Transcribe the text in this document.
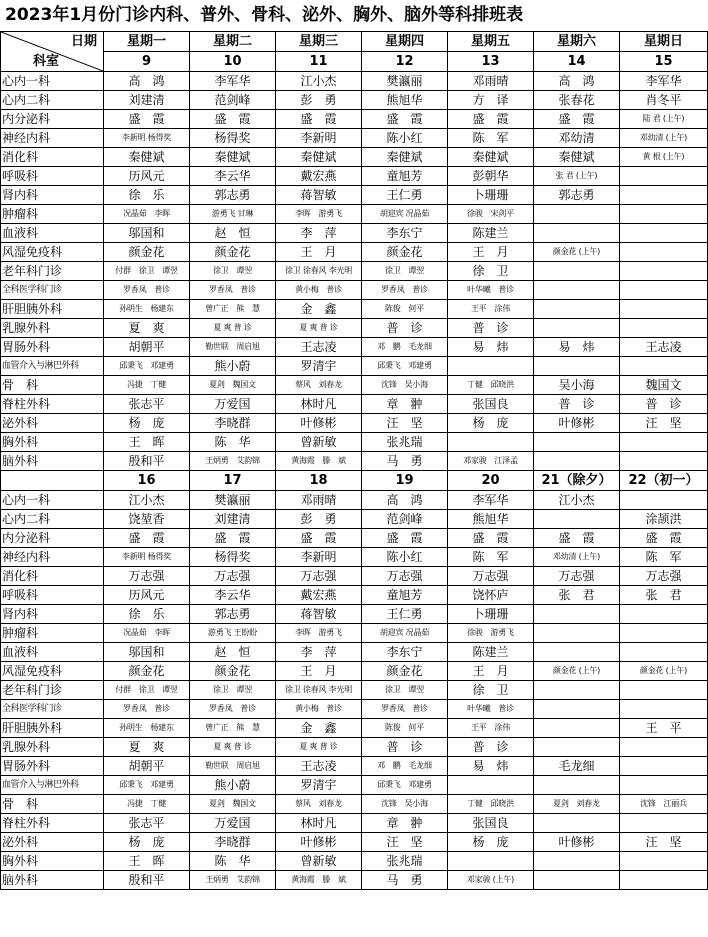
2023年1月份门诊内科、普外、骨科、泌外、胸外、脑外等科排班表
日期
科室	星期一	星期二	星期三	星期四	星期五	星期六	星期日
	9	10	11	12	13	14	15
心内一科	高　鸿	李军华	江小杰	樊瀛丽	邓雨晴	高　鸿	李军华
心内二科	刘建清	范剑峰	彭　勇	熊旭华	方　译	张春花	肖冬平
内分泌科	盛　霞	盛　霞	盛　霞	盛　霞	盛　霞	盛　霞	陆 君 (上午)
神经内科	李新明 杨得奖	杨得奖	李新明	陈小红	陈　军	邓幼清	邓幼清 (上午)
消化科	秦健斌	秦健斌	秦健斌	秦健斌	秦健斌	秦健斌	黄 根 (上午)
呼吸科	历风元	李云华	戴宏燕	童旭芳	彭朝华	张 君 (上午)	
肾内科	徐　乐	郭志勇	蒋智敏	王仁勇	卜珊珊	郭志勇	
肿瘤科	况晶茹　李晖	游勇飞 甘琳	李晖　游勇飞	胡迎宾 况晶茹	徐骏　宋剑平		
血液科	邬国和	赵　恒	李　萍	李东宁	陈建兰		
风湿免疫科	颜金花	颜金花	王　月	颜金花	王　月	颜金花 (上午)	
老年科门诊	付群　徐卫　谭翌	徐卫　谭翌	徐卫 徐春风 李光明	徐卫　谭翌	徐　卫		
全科医学科门诊	罗香凤　普诊	罗香凤　普诊	黄小梅　普诊	罗香凤　普诊	叶华曦　普诊		
肝胆胰外科	孙明生　杨建东	曾广正　熊　慧	金　鑫	陈俊　何平	王平　涂伟		
乳腺外科	夏　爽	夏 爽 普 诊	夏 爽 普 诊	普　诊	普　诊		
胃肠外科	胡朝平	勒世联　周启旭	王志凌	邓　鹏　毛龙细	易　炜	易　炜	王志凌
血管介入与淋巴外科	邱秉飞　邓建勇	熊小蔚	罗清宇	邱秉飞　邓建勇			
骨　科	冯捷　丁健	夏剑　魏国文	蔡风　刘春龙	沈锋　吴小海	丁健　邱晓洪	吴小海	魏国文
脊柱外科	张志平	万爱国	林时凡	章　翀	张国良	普　诊	普　诊
泌外科	杨　庞	李晓群	叶修彬	汪　坚	杨　庞	叶修彬	汪　坚
胸外科	王　晖	陈　华	曾新敏	张兆瑞			
脑外科	殷和平	王炳勇　艾韵锦	黄海霞　滕　斌	马　勇	邓家骏　江泽孟		
	16	17	18	19	20	21（除夕）	22（初一）
心内一科	江小杰	樊瀛丽	邓雨晴	高　鸿	李军华	江小杰	
心内二科	饶堃香	刘建清	彭　勇	范剑峰	熊旭华		涂颉洪
内分泌科	盛　霞	盛　霞	盛　霞	盛　霞	盛　霞	盛　霞	盛　霞
神经内科	李新明 杨得奖	杨得奖	李新明	陈小红	陈　军	邓幼清 (上午)	陈　军
消化科	万志强	万志强	万志强	万志强	万志强	万志强	万志强
呼吸科	历风元	李云华	戴宏燕	童旭芳	饶怀庐	张　君	张　君
肾内科	徐　乐	郭志勇	蒋智敏	王仁勇	卜珊珊		
肿瘤科	况晶茹　李晖	游勇飞 王盼盼	李晖　游勇飞	胡迎宾 况晶茹	徐骏　游勇飞		
血液科	邬国和	赵　恒	李　萍	李东宁	陈建兰		
风湿免疫科	颜金花	颜金花	王　月	颜金花	王　月	颜金花 (上午)	颜金花 (上午)
老年科门诊	付群　徐卫　谭翌	徐卫　谭翌	徐卫 徐春风 李光明	徐卫　谭翌	徐　卫		
全科医学科门诊	罗香凤　普诊	罗香凤　普诊	黄小梅　普诊	罗香凤　普诊	叶华曦　普诊		
肝胆胰外科	孙明生　杨建东	曾广正　熊　慧	金　鑫	陈俊　何平	王平　涂伟		王　平
乳腺外科	夏　爽	夏 爽 普 诊	夏 爽 普 诊	普　诊	普　诊		
胃肠外科	胡朝平	勒世联　周启旭	王志凌	邓　鹏　毛龙细	易　炜	毛龙细	
血管介入与淋巴外科	邱秉飞　邓建勇	熊小蔚	罗清宇	邱秉飞　邓建勇			
骨　科	冯捷　丁健	夏剑　魏国文	蔡风　刘春龙	沈锋　吴小海	丁健　邱晓洪	夏剑　刘春龙	沈锋　江丽兵
脊柱外科	张志平	万爱国	林时凡	章　翀	张国良		
泌外科	杨　庞	李晓群	叶修彬	汪　坚	杨　庞	叶修彬	汪　坚
胸外科	王　晖	陈　华	曾新敏	张兆瑞			
脑外科	殷和平	王炳勇　艾韵锦	黄海霞　滕　斌	马　勇	邓家骏 (上午)		
